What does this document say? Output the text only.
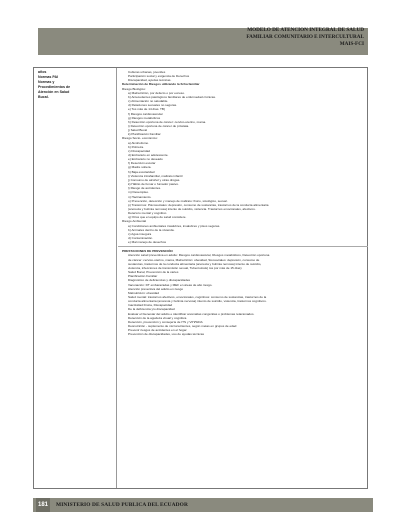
MODELO DE ATENCION INTEGRAL DE SALUD
FAMILIAR COMUNITARIO E INTERCULTURAL
MAIS-FCI
años
Normas PAI
Normas y
Procedimientos de
Atención en Salud
Bucal.
• Culturas urbanas, juveniles
• Participación social y exigencia de Derechos
• Discapacidad, ayudas técnicas.
Determinación de Riesgos utilizando la ficha familiar
Riesgo Biológico:
a) Malnutrición, por defecto o por exceso.
b) Antecedentes patológicos familiares de enfermedad crónicas.
c) Alimentación no saludable.
d) Relaciones sexuales no seguras.
e) Tos más de 14 días. TB)
f) Riesgos cardiovascular
g) Riesgos metabólicos
h) Detección oportuna de cáncer: cervico-uterino, mama.
i) Detección oportuna de cáncer de próstata.
j) Salud Bucal
k) Planificación Familiar
Riesgo Socio- económico:
a) Alcoholismo.
b) Pobreza.
c) Discapacidad
d) Embarazo en adolescente.
e) Embarazo no deseado
f) Deserción escolar
g) Madre soltera.
h) Baja escolaridad
i) Violencia intrafamiliar, maltrato infantil
j) Consumo de alcohol y otras drogas.
k) Hábito de fumar o fumador pasivo.
l) Riesgo de accidentes.
m) Desempleo.
n) Hacinamiento.
o) Prevención, detección y manejo de maltrato: físico, sicológico, sexual.
p) Trastornos: Psicosociales: depresión, consumo de sustancias, trastornos de la conducta alimentaria
(anorexia y bulimia nervosa) intento de suicidio, violencia. Trastornos emocionales, afectivos.
Deterioro mental y cognitivo
q) Otros que el equipo de salud considere.
Riesgo Ambiental
a) Condiciones ambientales insalubres, insalubres y pisos seguras.
b) Animales dentro de la vivienda.
c) Agua insegura
d) Contaminación.
e) Mal manejo de desechos
PRESTACIONES DE PREVENCIÓN
• Atención salud preventiva en adulto: Riesgos cardiovascular, Riesgos metabólicos, Detección oportuna
de cáncer: cervico-uterino, mama, Malnutrición: obesidad, Sicosociales: depresión, consumo de
sustancias, trastornos de la conducta alimentaria (anorexia y bulimia nervosa) intento de suicidio,
violencia, infecciones de transmisión sexual, Tuberculosis) tos por más de 15 días)
• Salud Bucal, Prevención de la caries
• Planificación Familiar
• Diagnóstico de deficiencias y discapacidades
• Vacunación: DT embarazadas y MEF en áreas de alto riesgo.
• Atención preventiva del adulto en riesgo
• Malnutrición: obesidad
• Salud mental: trastornos afectivos, emocionales, cognitivos: consumo de sustancias, trastornos de la
conducta alimentaria (anorexia y bulimia nervosa) intento de suicidio, violencia, trastornos cognitivos.
• Inactividad Física, Discapacidad
• De la deficiencia y/o discapacidad
• Evaluar el bienestar del adulto e identificar anomalías congénitas o problemas relacionados.
• Detección de la agudeza visual y cognitiva
• Detección, prevención y consejería de ITS y VIH/SIDA
• Desnutrición - suplemento de micronutrientes, según metas en grupos de edad
• Prevenir riesgos de accidentes en el hogar
• Prevención de discapacidades, uso de ayudas técnicas
181	MINISTERIO DE SALUD PUBLICA DEL ECUADOR
